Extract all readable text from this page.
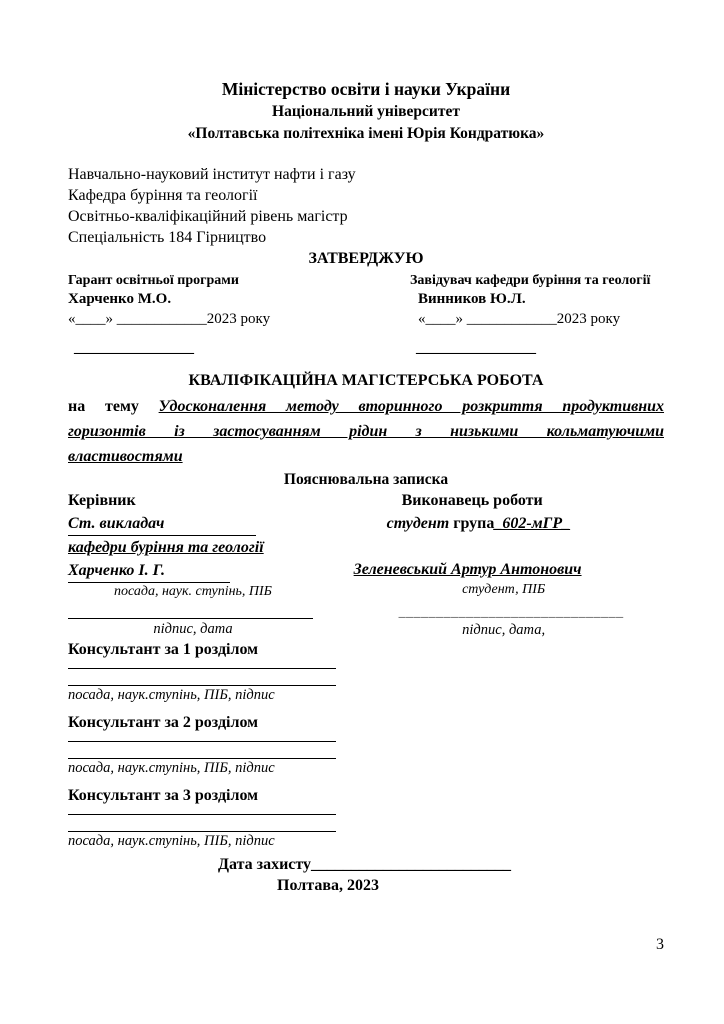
Міністерство освіти і науки України
Національний університет
«Полтавська політехніка імені Юрія Кондратюка»
Навчально-науковий інститут нафти і газу
Кафедра буріння та геології
Освітньо-кваліфікаційний рівень магістр
Спеціальність 184 Гірництво
ЗАТВЕРДЖУЮ
Гарант освітньої програми
Харченко М.О.
«____» ____________2023 року
________________
Завідувач кафедри буріння та геології
Винников Ю.Л.
«____» ____________2023 року
________________
КВАЛІФІКАЦІЙНА МАГІСТЕРСЬКА РОБОТА
на тему Удосконалення методу вторинного розкриття продуктивних
горизонтів із застосуванням рідин з низькими кольматуючими
властивостями
Пояснювальна записка
Керівник
Ст. викладач
кафедри буріння та геології
Харченко І. Г.
посада, наук. ступінь, ПІБ
підпис, дата
Виконавець роботи
студент група_602-мГР_
Зеленевський Артур Антонович
студент, ПІБ
______________________________
підпис, дата,
Консультант за 1 розділом
посада, наук.ступінь, ПІБ, підпис
Консультант за 2 розділом
посада, наук.ступінь, ПІБ, підпис
Консультант за 3 розділом
посада, наук.ступінь, ПІБ, підпис
Дата захисту_________________________
Полтава, 2023
3
